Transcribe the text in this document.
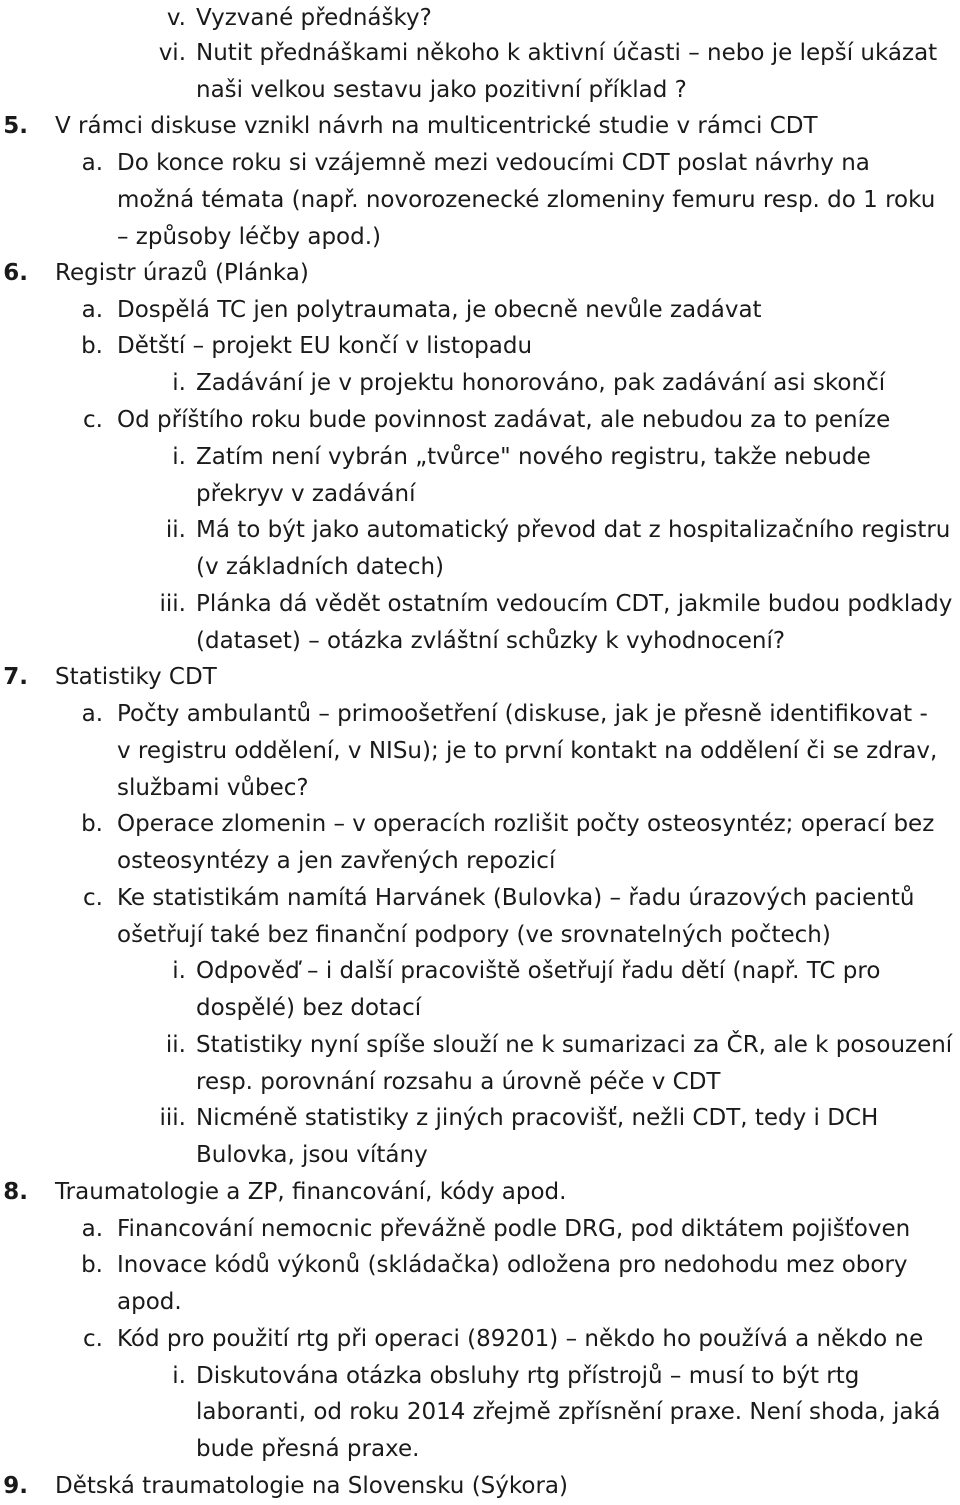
v. Vyzvané přednášky?
vi. Nutit přednáškami někoho k aktivní účasti – nebo je lepší ukázat
naši velkou sestavu jako pozitivní příklad ?
5. V rámci diskuse vznikl návrh na multicentrické studie v rámci CDT
a. Do konce roku si vzájemně mezi vedoucími CDT poslat návrhy na
možná témata (např. novorozenecké zlomeniny femuru resp. do 1 roku
– způsoby léčby apod.)
6. Registr úrazů (Plánka)
a. Dospělá TC jen polytraumata, je obecně nevůle zadávat
b. Dětští – projekt EU končí v listopadu
i. Zadávání je v projektu honorováno, pak zadávání asi skončí
c. Od příštího roku bude povinnost zadávat, ale nebudou za to peníze
i. Zatím není vybrán „tvůrce" nového registru, takže nebude
překryv v zadávání
ii. Má to být jako automatický převod dat z hospitalizačního registru
(v základních datech)
iii. Plánka dá vědět ostatním vedoucím CDT, jakmile budou podklady
(dataset) – otázka zvláštní schůzky k vyhodnocení?
7. Statistiky CDT
a. Počty ambulantů – primoošetření (diskuse, jak je přesně identifikovat -
v registru oddělení, v NISu); je to první kontakt na oddělení či se zdrav,
službami vůbec?
b. Operace zlomenin – v operacích rozlišit počty osteosyntéz; operací bez
osteosyntézy a jen zavřených repozicí
c. Ke statistikám namítá Harvánek (Bulovka) – řadu úrazových pacientů
ošetřují také bez finanční podpory (ve srovnatelných počtech)
i. Odpověď – i další pracoviště ošetřují řadu dětí (např. TC pro
dospělé) bez dotací
ii. Statistiky nyní spíše slouží ne k sumarizaci za ČR, ale k posouzení
resp. porovnání rozsahu a úrovně péče v CDT
iii. Nicméně statistiky z jiných pracovišť, nežli CDT, tedy i DCH
Bulovka, jsou vítány
8. Traumatologie a ZP, financování, kódy apod.
a. Financování nemocnic převážně podle DRG, pod diktátem pojišťoven
b. Inovace kódů výkonů (skládačka) odložena pro nedohodu mez obory
apod.
c. Kód pro použití rtg při operaci (89201) – někdo ho používá a někdo ne
i. Diskutována otázka obsluhy rtg přístrojů – musí to být rtg
laboranti, od roku 2014 zřejmě zpřísnění praxe. Není shoda, jaká
bude přesná praxe.
9. Dětská traumatologie na Slovensku (Sýkora)
